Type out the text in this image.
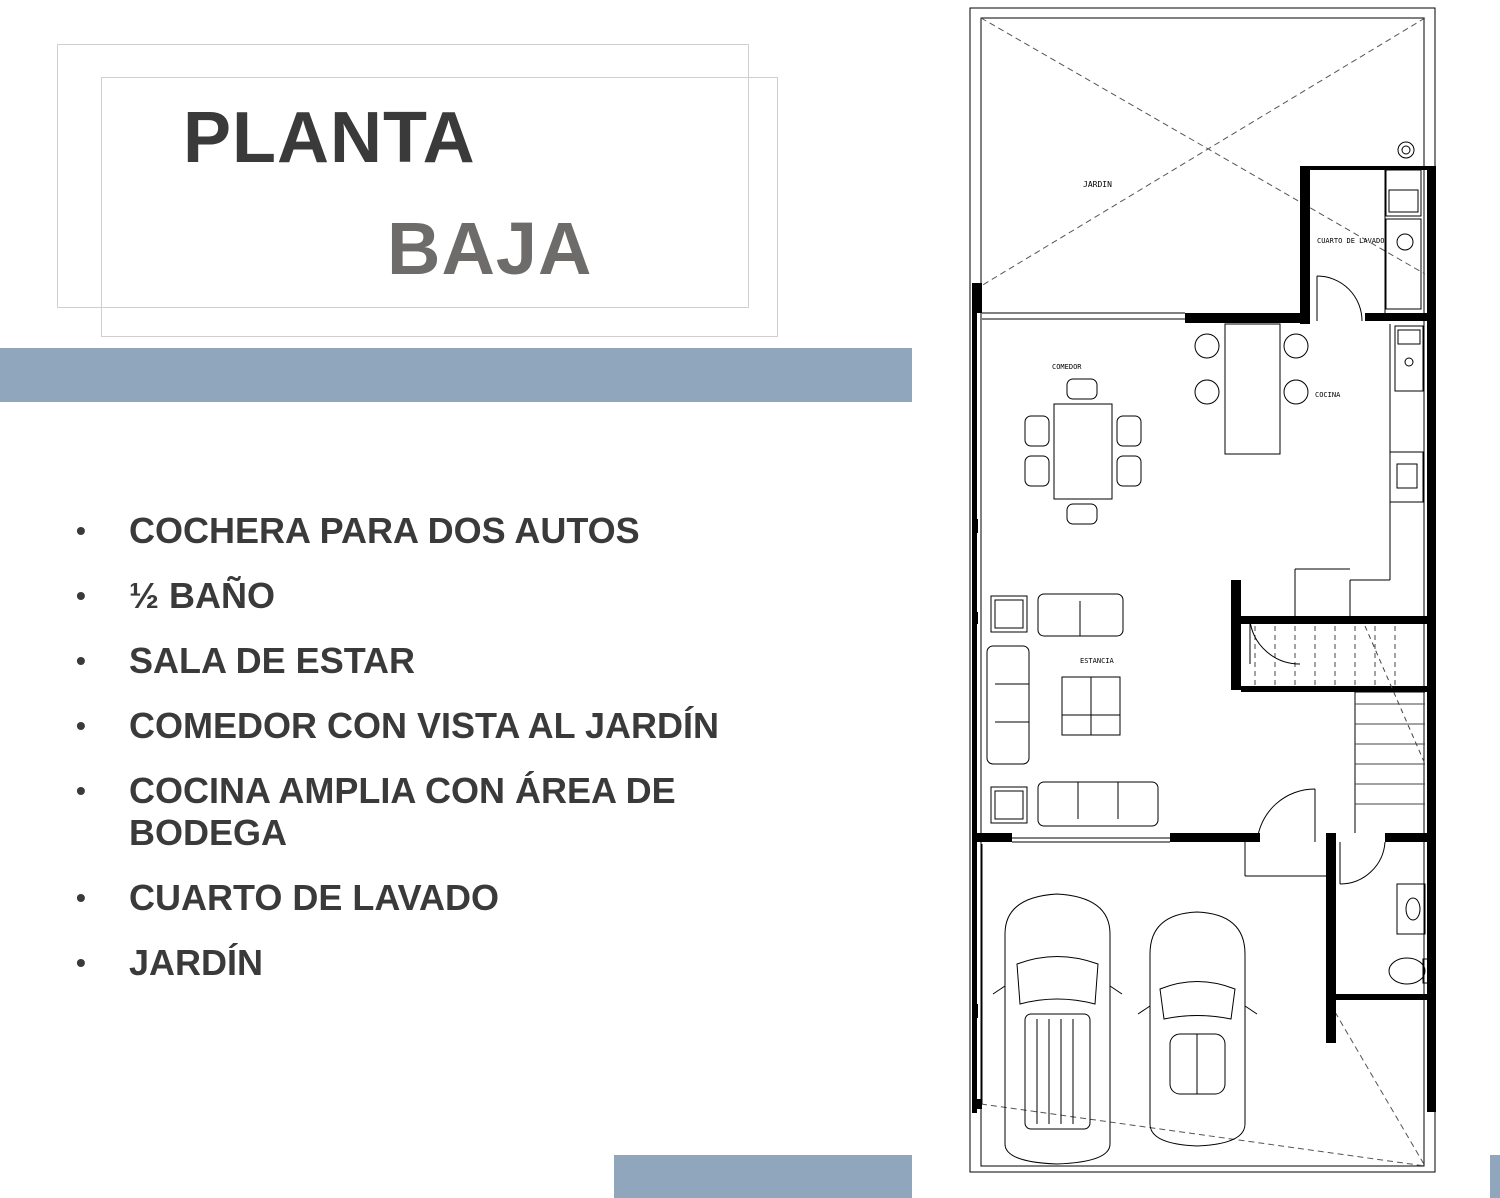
PLANTA
BAJA
• COCHERA PARA DOS AUTOS
• ½ BAÑO
• SALA DE ESTAR
• COMEDOR CON VISTA AL JARDÍN
• COCINA AMPLIA CON ÁREA DE BODEGA
• CUARTO DE LAVADO
• JARDÍN
JARDIN
CUARTO DE LAVADO
COMEDOR
COCINA
ESTANCIA
